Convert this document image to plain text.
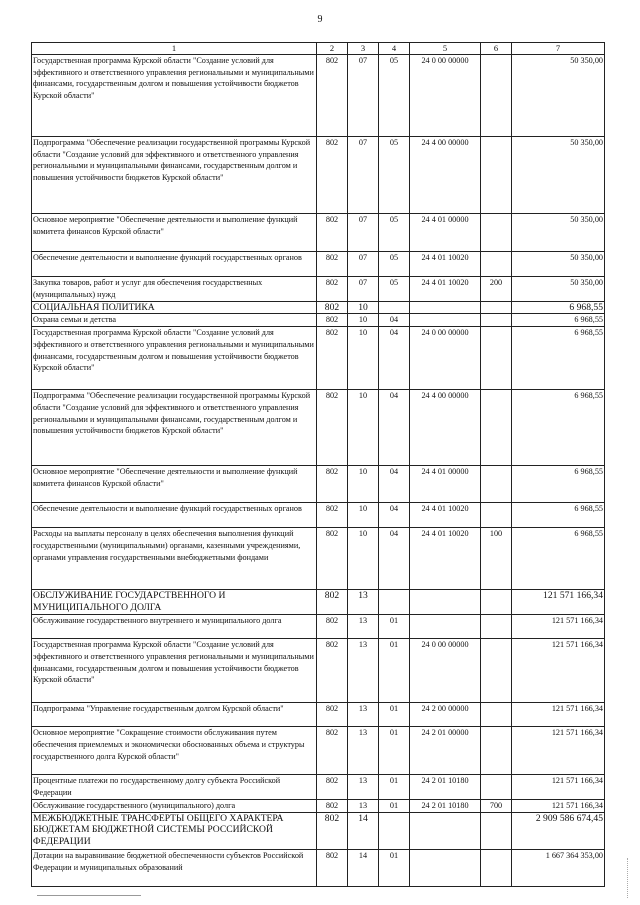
9
1	2	3	4	5	6	7
Государственная программа Курской области "Создание условий для эффективного и ответственного управления региональными и муниципальными финансами, государственным долгом и повышения устойчивости бюджетов Курской области"	802	07	05	24 0 00 00000		50 350,00
Подпрограмма "Обеспечение реализации государственной программы Курской области "Создание условий для эффективного и ответственного управления региональными и муниципальными финансами, государственным долгом и повышения устойчивости бюджетов Курской области"	802	07	05	24 4 00 00000		50 350,00
Основное мероприятие "Обеспечение деятельности и выполнение функций комитета финансов Курской области"	802	07	05	24 4 01 00000		50 350,00
Обеспечение деятельности и выполнение функций государственных органов	802	07	05	24 4 01 10020		50 350,00
Закупка товаров, работ и услуг для обеспечения государственных (муниципальных) нужд	802	07	05	24 4 01 10020	200	50 350,00
СОЦИАЛЬНАЯ ПОЛИТИКА	802	10				6 968,55
Охрана семьи и детства	802	10	04			6 968,55
Государственная программа Курской области "Создание условий для эффективного и ответственного управления региональными и муниципальными финансами, государственным долгом и повышения устойчивости бюджетов Курской области"	802	10	04	24 0 00 00000		6 968,55
Подпрограмма "Обеспечение реализации государственной программы Курской области "Создание условий для эффективного и ответственного управления региональными и муниципальными финансами, государственным долгом и повышения устойчивости бюджетов Курской области"	802	10	04	24 4 00 00000		6 968,55
Основное мероприятие "Обеспечение деятельности и выполнение функций комитета финансов Курской области"	802	10	04	24 4 01 00000		6 968,55
Обеспечение деятельности и выполнение функций государственных органов	802	10	04	24 4 01 10020		6 968,55
Расходы на выплаты персоналу в целях обеспечения выполнения функций государственными (муниципальными) органами, казенными учреждениями, органами управления государственными внебюджетными фондами	802	10	04	24 4 01 10020	100	6 968,55
ОБСЛУЖИВАНИЕ ГОСУДАРСТВЕННОГО И МУНИЦИПАЛЬНОГО ДОЛГА	802	13				121 571 166,34
Обслуживание государственного внутреннего и муниципального долга	802	13	01			121 571 166,34
Государственная программа Курской области "Создание условий для эффективного и ответственного управления региональными и муниципальными финансами, государственным долгом и повышения устойчивости бюджетов Курской области"	802	13	01	24 0 00 00000		121 571 166,34
Подпрограмма "Управление государственным долгом Курской области"	802	13	01	24 2 00 00000		121 571 166,34
Основное мероприятие "Сокращение стоимости обслуживания путем обеспечения приемлемых и экономически обоснованных объема и структуры государственного долга Курской области"	802	13	01	24 2 01 00000		121 571 166,34
Процентные платежи по государственному долгу субъекта Российской Федерации	802	13	01	24 2 01 10180		121 571 166,34
Обслуживание государственного (муниципального) долга	802	13	01	24 2 01 10180	700	121 571 166,34
МЕЖБЮДЖЕТНЫЕ ТРАНСФЕРТЫ ОБЩЕГО ХАРАКТЕРА БЮДЖЕТАМ БЮДЖЕТНОЙ СИСТЕМЫ РОССИЙСКОЙ ФЕДЕРАЦИИ	802	14				2 909 586 674,45
Дотации на выравнивание бюджетной обеспеченности субъектов Российской Федерации и муниципальных образований	802	14	01			1 667 364 353,00
